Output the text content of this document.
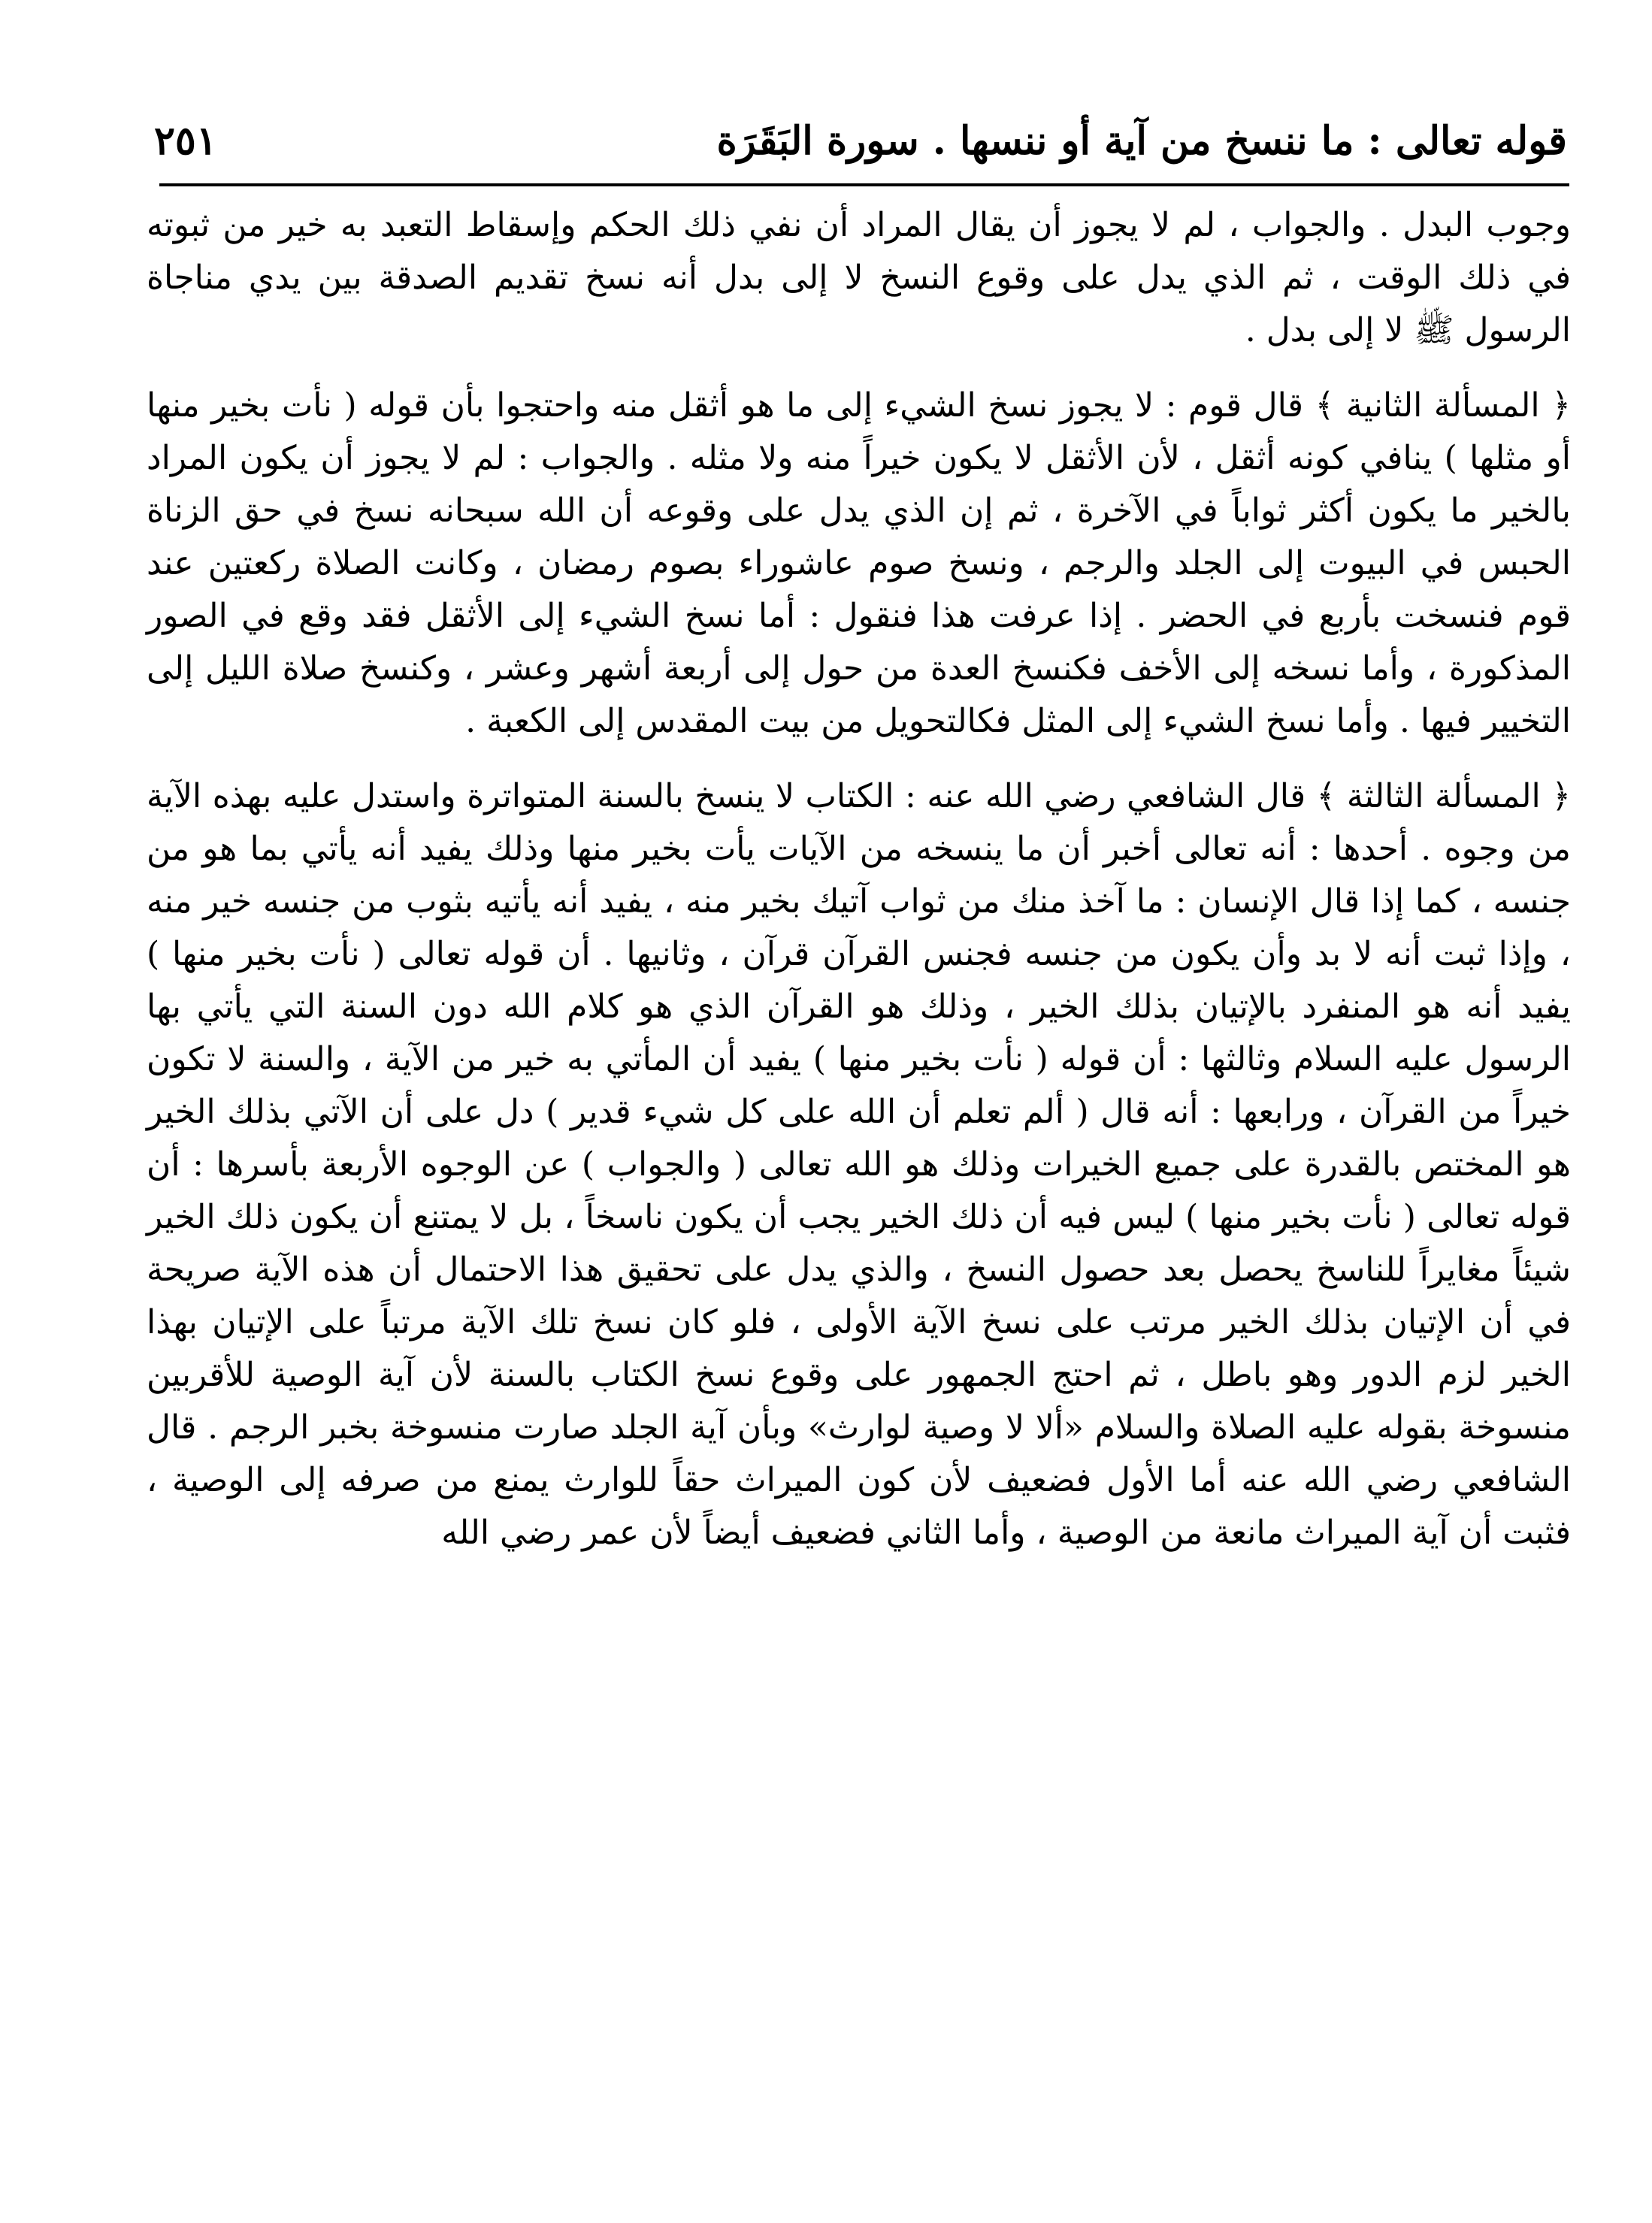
قوله تعالى : ما ننسخ من آية أو ننسها . سورة البَقَرَة
٢٥١

وجوب البدل . والجواب ، لم لا يجوز أن يقال المراد أن نفي ذلك الحكم وإسقاط التعبد به خير من ثبوته في ذلك الوقت ، ثم الذي يدل على وقوع النسخ لا إلى بدل أنه نسخ تقديم الصدقة بين يدي مناجاة الرسول ﷺ لا إلى بدل .

﴿ المسألة الثانية ﴾ قال قوم : لا يجوز نسخ الشيء إلى ما هو أثقل منه واحتجوا بأن قوله ( نأت بخير منها أو مثلها ) ينافي كونه أثقل ، لأن الأثقل لا يكون خيراً منه ولا مثله . والجواب : لم لا يجوز أن يكون المراد بالخير ما يكون أكثر ثواباً في الآخرة ، ثم إن الذي يدل على وقوعه أن الله سبحانه نسخ في حق الزناة الحبس في البيوت إلى الجلد والرجم ، ونسخ صوم عاشوراء بصوم رمضان ، وكانت الصلاة ركعتين عند قوم فنسخت بأربع في الحضر . إذا عرفت هذا فنقول : أما نسخ الشيء إلى الأثقل فقد وقع في الصور المذكورة ، وأما نسخه إلى الأخف فكنسخ العدة من حول إلى أربعة أشهر وعشر ، وكنسخ صلاة الليل إلى التخيير فيها . وأما نسخ الشيء إلى المثل فكالتحويل من بيت المقدس إلى الكعبة .

﴿ المسألة الثالثة ﴾ قال الشافعي رضي الله عنه : الكتاب لا ينسخ بالسنة المتواترة واستدل عليه بهذه الآية من وجوه . أحدها : أنه تعالى أخبر أن ما ينسخه من الآيات يأت بخير منها وذلك يفيد أنه يأتي بما هو من جنسه ، كما إذا قال الإنسان : ما آخذ منك من ثواب آتيك بخير منه ، يفيد أنه يأتيه بثوب من جنسه خير منه ، وإذا ثبت أنه لا بد وأن يكون من جنسه فجنس القرآن قرآن ، وثانيها . أن قوله تعالى ( نأت بخير منها ) يفيد أنه هو المنفرد بالإتيان بذلك الخير ، وذلك هو القرآن الذي هو كلام الله دون السنة التي يأتي بها الرسول عليه السلام وثالثها : أن قوله ( نأت بخير منها ) يفيد أن المأتي به خير من الآية ، والسنة لا تكون خيراً من القرآن ، ورابعها : أنه قال ( ألم تعلم أن الله على كل شيء قدير ) دل على أن الآتي بذلك الخير هو المختص بالقدرة على جميع الخيرات وذلك هو الله تعالى ( والجواب ) عن الوجوه الأربعة بأسرها : أن قوله تعالى ( نأت بخير منها ) ليس فيه أن ذلك الخير يجب أن يكون ناسخاً ، بل لا يمتنع أن يكون ذلك الخير شيئاً مغايراً للناسخ يحصل بعد حصول النسخ ، والذي يدل على تحقيق هذا الاحتمال أن هذه الآية صريحة في أن الإتيان بذلك الخير مرتب على نسخ الآية الأولى ، فلو كان نسخ تلك الآية مرتباً على الإتيان بهذا الخير لزم الدور وهو باطل ، ثم احتج الجمهور على وقوع نسخ الكتاب بالسنة لأن آية الوصية للأقربين منسوخة بقوله عليه الصلاة والسلام «ألا لا وصية لوارث» وبأن آية الجلد صارت منسوخة بخبر الرجم . قال الشافعي رضي الله عنه أما الأول فضعيف لأن كون الميراث حقاً للوارث يمنع من صرفه إلى الوصية ، فثبت أن آية الميراث مانعة من الوصية ، وأما الثاني فضعيف أيضاً لأن عمر رضي الله
